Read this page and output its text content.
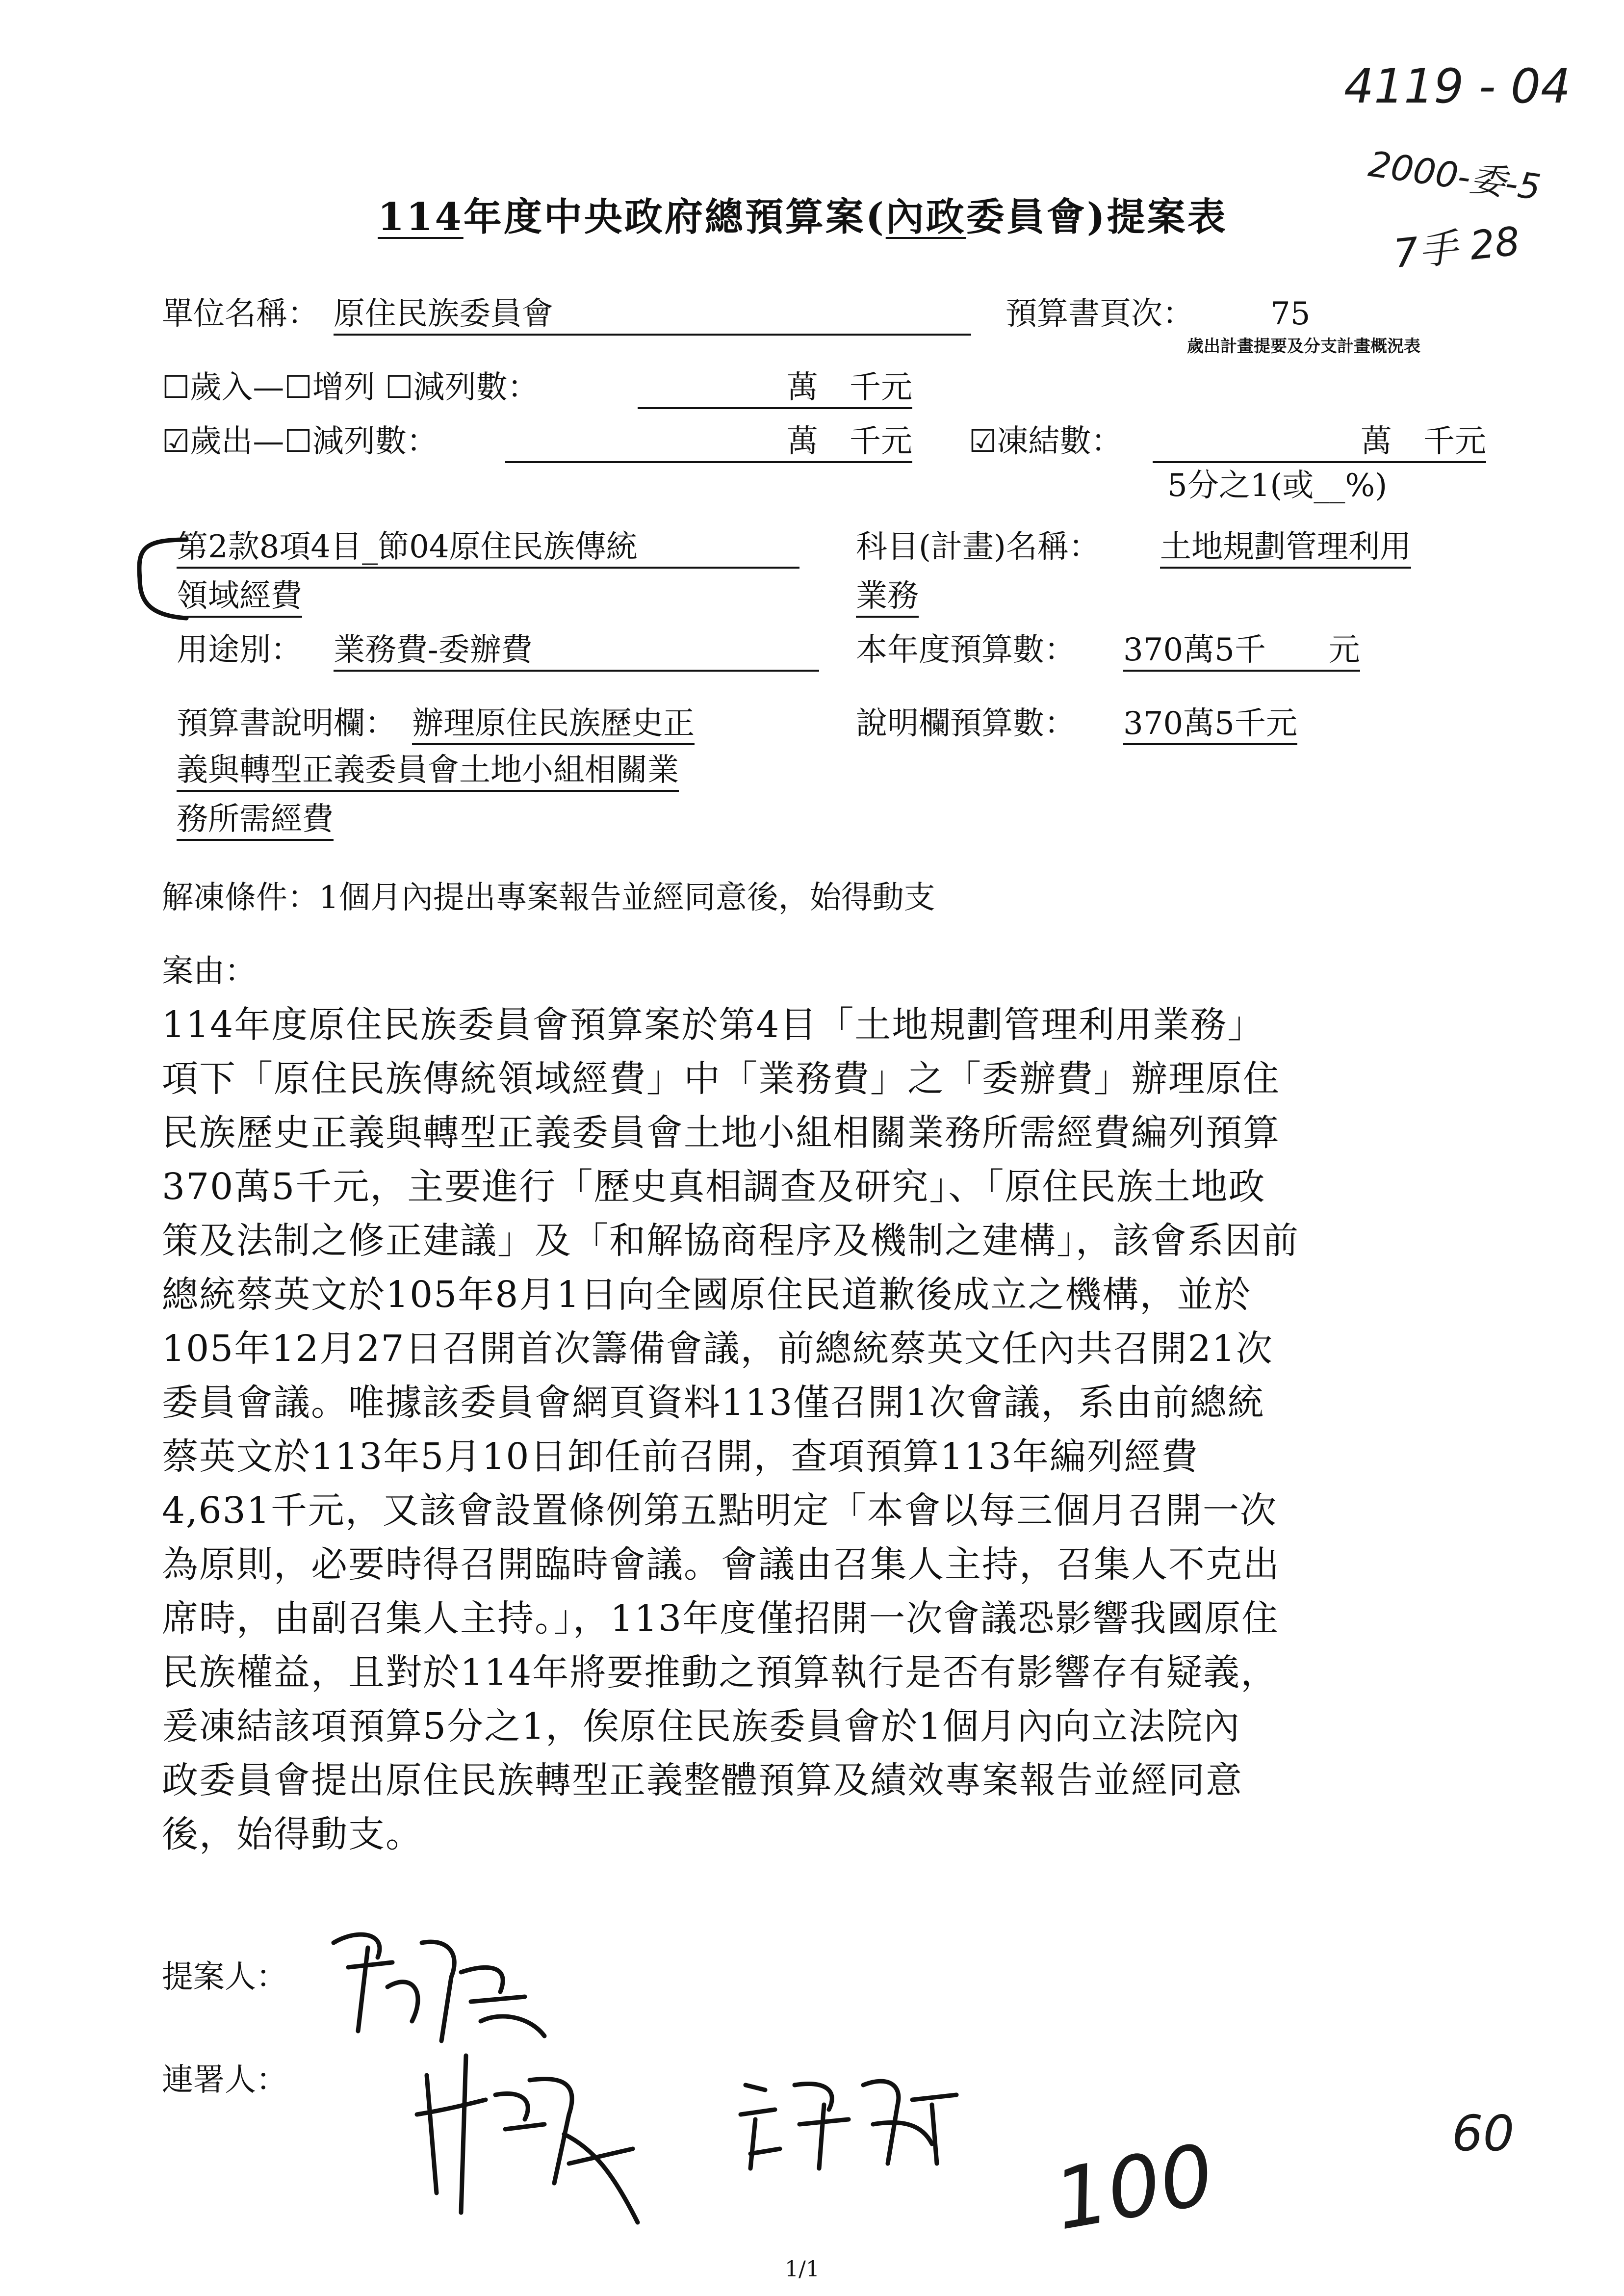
4119 - 04
2000-委-5
7手 28
114年度中央政府總預算案(內政委員會)提案表
單位名稱： 原住民族委員會	預算書頁次： 75
歲出計畫提要及分支計畫概況表
☐歲入—☐增列 ☐減列數：	萬　千元
☑歲出—☐減列數：	萬　千元 ☑凍結數：	萬　千元
5分之1(或__%)
第2款8項4目_節04原住民族傳統
領域經費
科目(計畫)名稱： 土地規劃管理利用
業務
用途別： 業務費-委辦費	本年度預算數： 370萬5千　　元
預算書說明欄： 辦理原住民族歷史正
義與轉型正義委員會土地小組相關業
務所需經費
說明欄預算數： 370萬5千元
解凍條件：1個月內提出專案報告並經同意後，始得動支
案由：
114年度原住民族委員會預算案於第4目「土地規劃管理利用業務」
項下「原住民族傳統領域經費」中「業務費」之「委辦費」辦理原住
民族歷史正義與轉型正義委員會土地小組相關業務所需經費編列預算
370萬5千元，主要進行「歷史真相調查及研究」、「原住民族土地政
策及法制之修正建議」及「和解協商程序及機制之建構」，該會系因前
總統蔡英文於105年8月1日向全國原住民道歉後成立之機構，並於
105年12月27日召開首次籌備會議，前總統蔡英文任內共召開21次
委員會議。唯據該委員會網頁資料113僅召開1次會議，系由前總統
蔡英文於113年5月10日卸任前召開，查項預算113年編列經費
4,631千元，又該會設置條例第五點明定「本會以每三個月召開一次
為原則，必要時得召開臨時會議。會議由召集人主持，召集人不克出
席時，由副召集人主持。」，113年度僅招開一次會議恐影響我國原住
民族權益，且對於114年將要推動之預算執行是否有影響存有疑義，
爰凍結該項預算5分之1，俟原住民族委員會於1個月內向立法院內
政委員會提出原住民族轉型正義整體預算及績效專案報告並經同意
後，始得動支。
提案人：
連署人：
100	60
1/1
